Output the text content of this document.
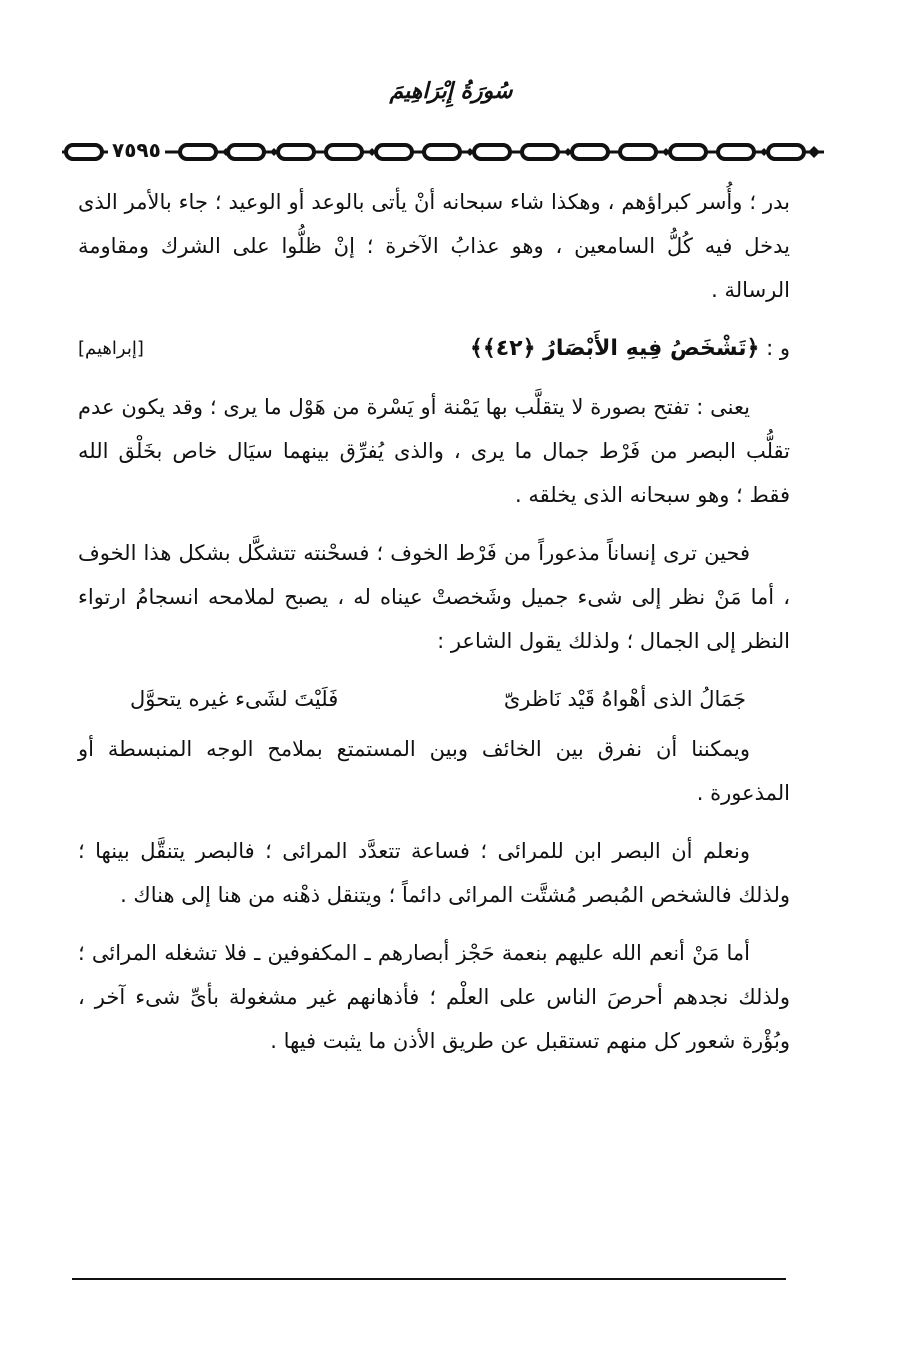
سُورَةُ إِبْرَاهِيمَ
٧٥٩٥

بدر ؛ وأُسر كبراؤهم ، وهكذا شاء سبحانه أنْ يأتى بالوعد أو الوعيد ؛ جاء بالأمر الذى يدخل فيه كُلُّ السامعين ، وهو عذابُ الآخرة ؛ إنْ ظلُّوا على الشرك ومقاومة الرسالة .

و : ﴿تَشْخَصُ فِيهِ الأَبْصَارُ ﴿٤٢﴾﴾
[إبراهيم]

يعنى : تفتح بصورة لا يتقلَّب بها يَمْنة أو يَسْرة من هَوْل ما يرى ؛ وقد يكون عدم تقلُّب البصر من فَرْط جمال ما يرى ، والذى يُفرِّق بينهما سيَال خاص بخَلْق الله فقط ؛ وهو سبحانه الذى يخلقه .

فحين ترى إنساناً مذعوراً من فَرْط الخوف ؛ فسحْنته تتشكَّل بشكل هذا الخوف ، أما مَنْ نظر إلى شىء جميل وشَخصتْ عيناه له ، يصبح لملامحه انسجامُ ارتواء النظر إلى الجمال ؛ ولذلك يقول الشاعر :

جَمَالُ الذى أهْواهُ قَيْد نَاظرىّ
فَلَيْتَ لشَىء غيره يتحوَّل

ويمكننا أن نفرق بين الخائف وبين المستمتع بملامح الوجه المنبسطة أو المذعورة .

ونعلم أن البصر ابن للمرائى ؛ فساعة تتعدَّد المرائى ؛ فالبصر يتنقَّل بينها ؛ ولذلك فالشخص المُبصر مُشتَّت المرائى دائماً ؛ ويتنقل ذهْنه من هنا إلى هناك .

أما مَنْ أنعم الله عليهم بنعمة حَجْز أبصارهم ـ المكفوفين ـ فلا تشغله المرائى ؛ ولذلك نجدهم أحرصَ الناس على العلْم ؛ فأذهانهم غير مشغولة بأىِّ شىء آخر ، وبُؤْرة شعور كل منهم تستقبل عن طريق الأذن ما يثبت فيها .
